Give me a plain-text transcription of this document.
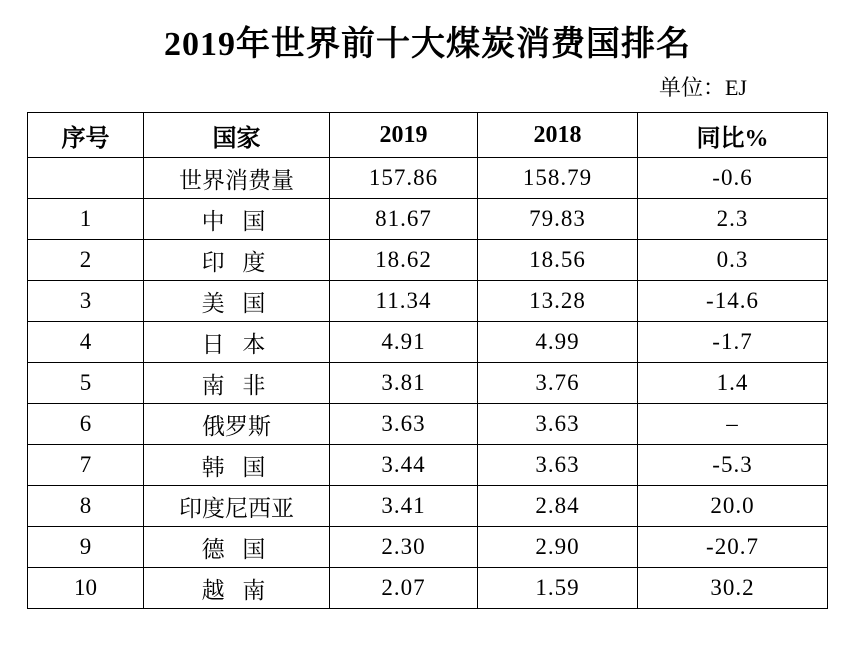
2019年世界前十大煤炭消费国排名
单位：EJ
序号	国家	2019	2018	同比%
	世界消费量	157.86	158.79	-0.6
1	中 国	81.67	79.83	2.3
2	印 度	18.62	18.56	0.3
3	美 国	11.34	13.28	-14.6
4	日 本	4.91	4.99	-1.7
5	南 非	3.81	3.76	1.4
6	俄罗斯	3.63	3.63	–
7	韩 国	3.44	3.63	-5.3
8	印度尼西亚	3.41	2.84	20.0
9	德 国	2.30	2.90	-20.7
10	越 南	2.07	1.59	30.2
